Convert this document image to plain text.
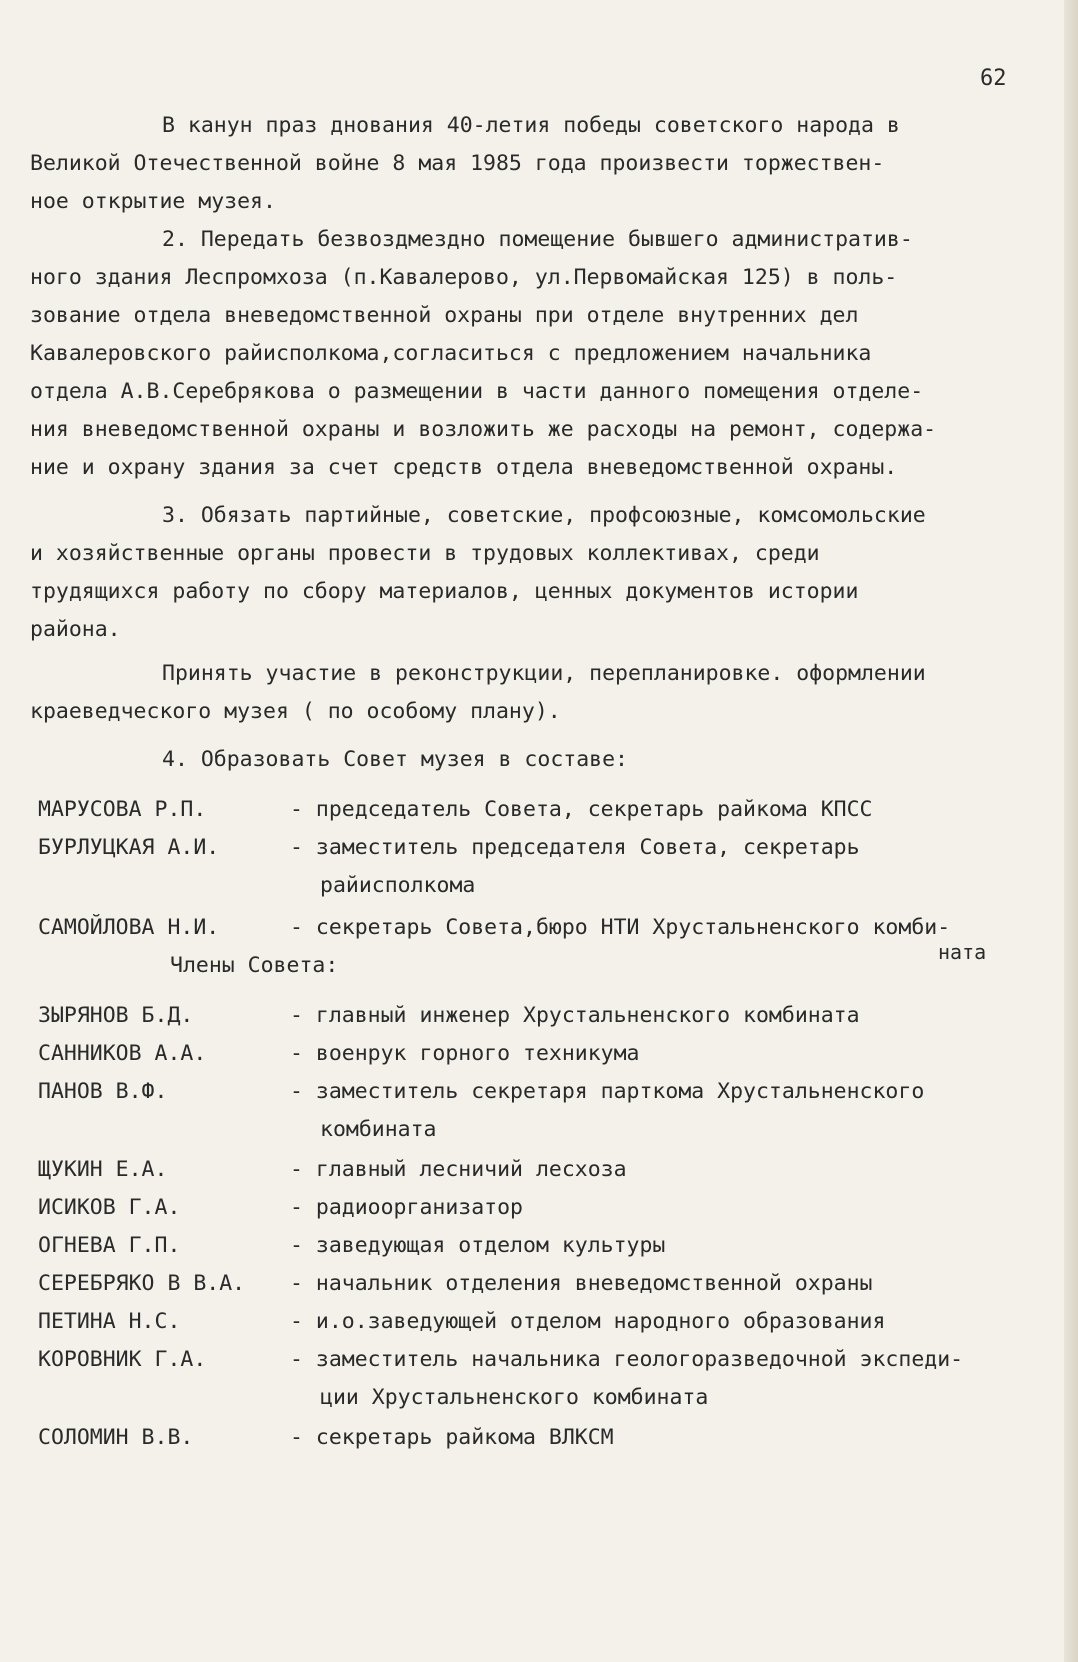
62
В канун праз днования 40-летия победы советского народа в
Великой Отечественной войне 8 мая 1985 года произвести торжествен-
ное открытие музея.
2. Передать безвоздмездно помещение бывшего административ-
ного здания Леспромхоза (п.Кавалерово, ул.Первомайская 125) в поль-
зование отдела вневедомственной охраны при отделе внутренних дел
Кавалеровского райисполкома,согласиться с предложением начальника
отдела А.В.Серебрякова о размещении в части данного помещения отделе-
ния вневедомственной охраны и возложить же расходы на ремонт, содержа-
ние и охрану здания за счет средств отдела вневедомственной охраны.
3. Обязать партийные, советские, профсоюзные, комсомольские
и хозяйственные органы провести в трудовых коллективах, среди
трудящихся работу по сбору материалов, ценных документов истории
района.
Принять участие в реконструкции, перепланировке. оформлении
краеведческого музея ( по особому плану).
4. Образовать Совет музея в составе:
МАРУСОВА Р.П.	- председатель Совета, секретарь райкома КПСС
БУРЛУЦКАЯ А.И.	- заместитель председателя Совета, секретарь
райисполкома
САМОЙЛОВА Н.И.	- секретарь Совета,бюро НТИ Хрустальненского комби-
ната
Члены Совета:
ЗЫРЯНОВ Б.Д.	- главный инженер Хрустальненского комбината
САННИКОВ А.А.	- военрук горного техникума
ПАНОВ В.Ф.	- заместитель секретаря парткома Хрустальненского
комбината
ЩУКИН Е.А.	- главный лесничий лесхоза
ИСИКОВ Г.А.	- радиоорганизатор
ОГНЕВА Г.П.	- заведующая отделом культуры
СЕРЕБРЯКО В В.А. - начальник отделения вневедомственной охраны
ПЕТИНА Н.С.	- и.о.заведующей отделом народного образования
КОРОВНИК Г.А.	- заместитель начальника геологоразведочной экспеди-
ции Хрустальненского комбината
СОЛОМИН В.В.	- секретарь райкома ВЛКСМ
